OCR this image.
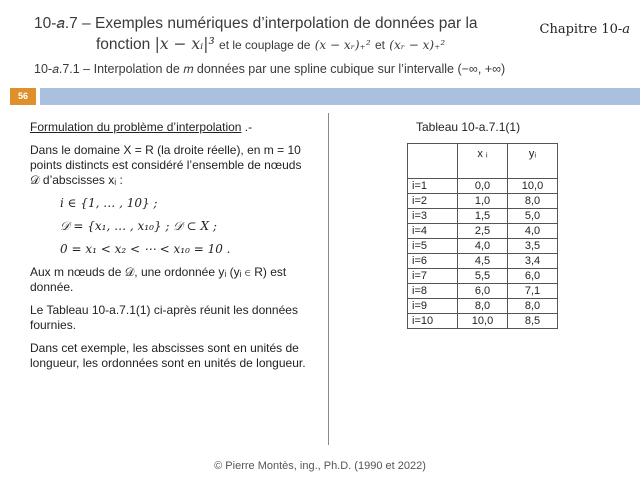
10-𝑎.7 – Exemples numériques d’interpolation de données par la
fonction |x − xᵢ|³ et le couplage de (x − xᵣ)₊² et (xᵣ − x)₊²
Chapitre 10-𝑎
10-𝑎.7.1 – Interpolation de 𝑚 données par une spline cubique sur l’intervalle (−∞, +∞)
56

Formulation du problème d’interpolation .-

Dans le domaine X = R (la droite réelle), en m = 10 points distincts est considéré l’ensemble de nœuds 𝒟 d’abscisses xᵢ :

i ∈ {1, … , 10} ;
𝒟 = {x₁, … , x₁₀} ; 𝒟 ⊂ X ;
0 = x₁ < x₂ < ⋯ < x₁₀ = 10 .

Aux m nœuds de 𝒟, une ordonnée yᵢ (yᵢ ∈ R) est donnée.

Le Tableau 10-a.7.1(1) ci-après réunit les données fournies.

Dans cet exemple, les abscisses sont en unités de longueur, les ordonnées sont en unités de longueur.

Tableau 10-a.7.1(1)
	x ᵢ	yᵢ
i=1	0,0	10,0
i=2	1,0	8,0
i=3	1,5	5,0
i=4	2,5	4,0
i=5	4,0	3,5
i=6	4,5	3,4
i=7	5,5	6,0
i=8	6,0	7,1
i=9	8,0	8,0
i=10	10,0	8,5
© Pierre Montès, ing., Ph.D. (1990 et 2022)
